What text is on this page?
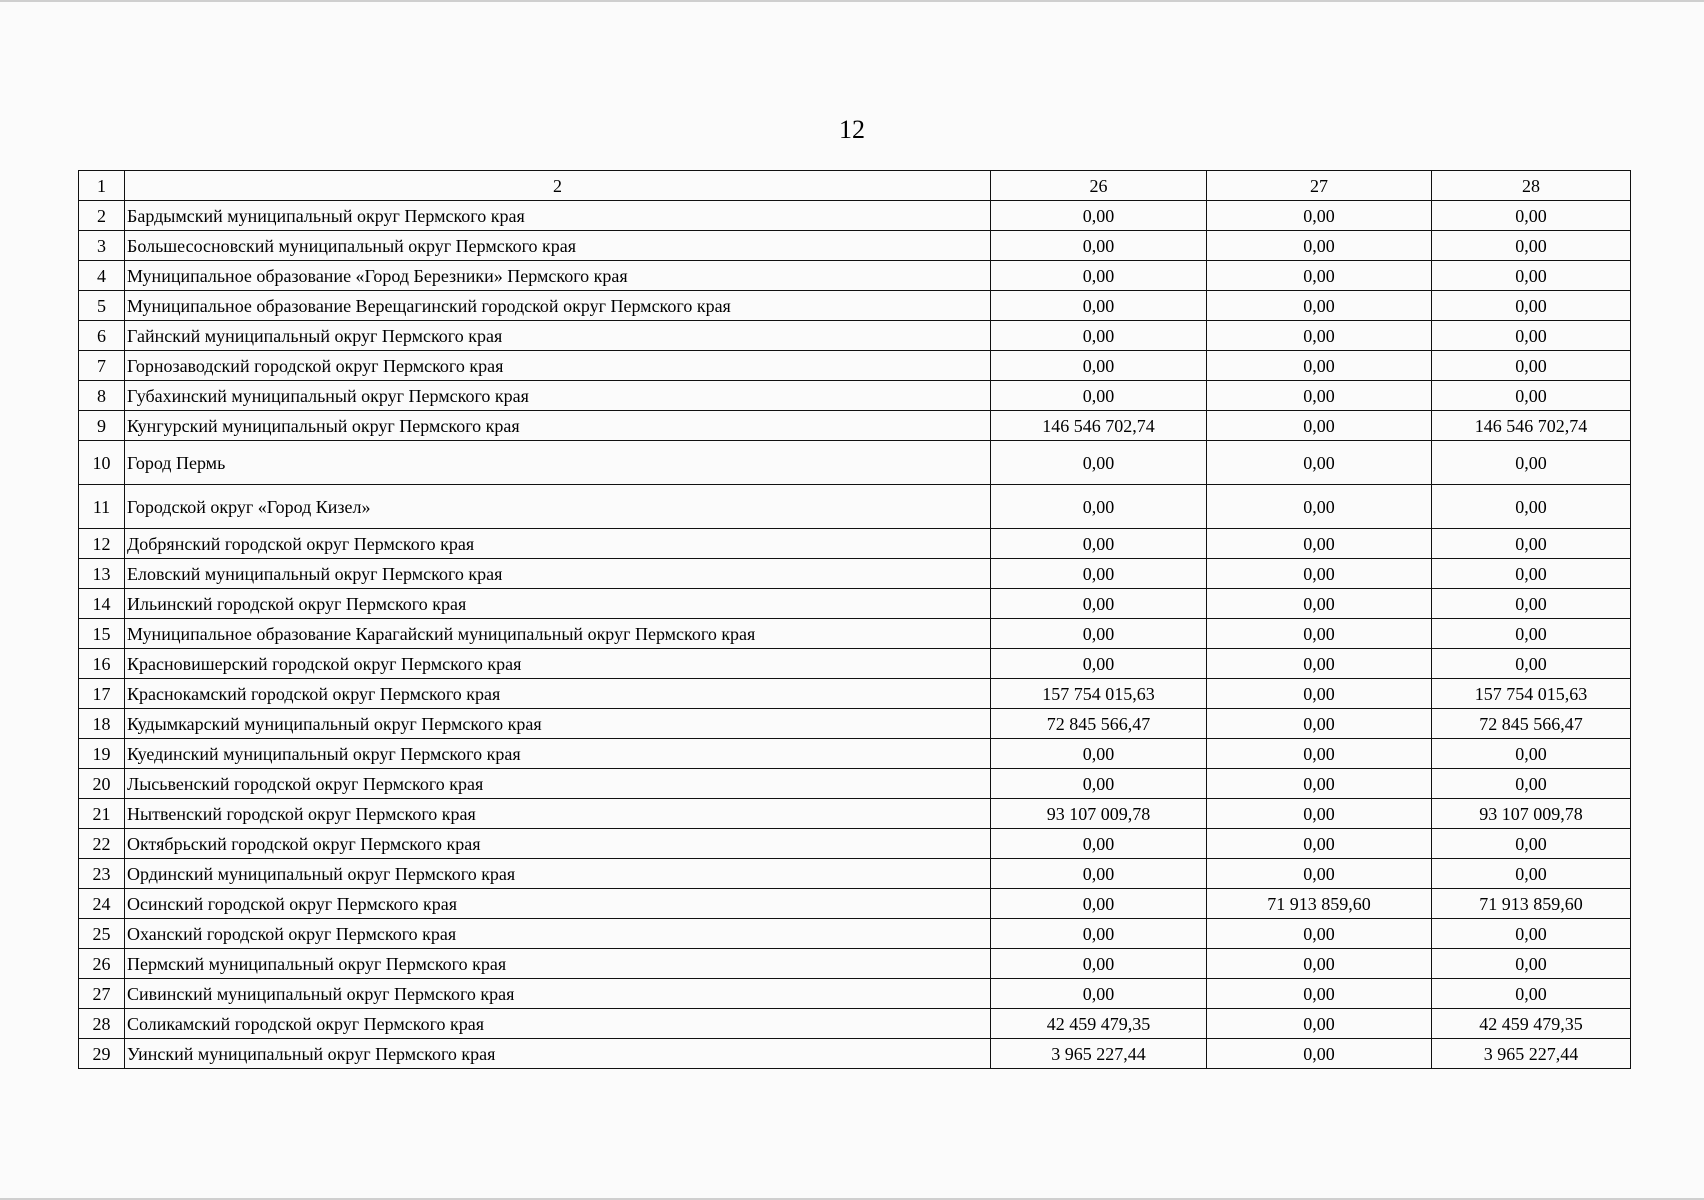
12
1	2	26	27	28
2	Бардымский муниципальный округ Пермского края	0,00	0,00	0,00
3	Большесосновский муниципальный округ Пермского края	0,00	0,00	0,00
4	Муниципальное образование «Город Березники» Пермского края	0,00	0,00	0,00
5	Муниципальное образование Верещагинский городской округ Пермского края	0,00	0,00	0,00
6	Гайнский муниципальный округ Пермского края	0,00	0,00	0,00
7	Горнозаводский городской округ Пермского края	0,00	0,00	0,00
8	Губахинский муниципальный округ Пермского края	0,00	0,00	0,00
9	Кунгурский муниципальный округ Пермского края	146 546 702,74	0,00	146 546 702,74
10	Город Пермь	0,00	0,00	0,00
11	Городской округ «Город Кизел»	0,00	0,00	0,00
12	Добрянский городской округ Пермского края	0,00	0,00	0,00
13	Еловский муниципальный округ Пермского края	0,00	0,00	0,00
14	Ильинский городской округ Пермского края	0,00	0,00	0,00
15	Муниципальное образование Карагайский муниципальный округ Пермского края	0,00	0,00	0,00
16	Красновишерский городской округ Пермского края	0,00	0,00	0,00
17	Краснокамский городской округ Пермского края	157 754 015,63	0,00	157 754 015,63
18	Кудымкарский муниципальный округ Пермского края	72 845 566,47	0,00	72 845 566,47
19	Куединский муниципальный округ Пермского края	0,00	0,00	0,00
20	Лысьвенский городской округ Пермского края	0,00	0,00	0,00
21	Нытвенский городской округ Пермского края	93 107 009,78	0,00	93 107 009,78
22	Октябрьский городской округ Пермского края	0,00	0,00	0,00
23	Ординский муниципальный округ Пермского края	0,00	0,00	0,00
24	Осинский городской округ Пермского края	0,00	71 913 859,60	71 913 859,60
25	Оханский городской округ Пермского края	0,00	0,00	0,00
26	Пермский муниципальный округ Пермского края	0,00	0,00	0,00
27	Сивинский муниципальный округ Пермского края	0,00	0,00	0,00
28	Соликамский городской округ Пермского края	42 459 479,35	0,00	42 459 479,35
29	Уинский муниципальный округ Пермского края	3 965 227,44	0,00	3 965 227,44
